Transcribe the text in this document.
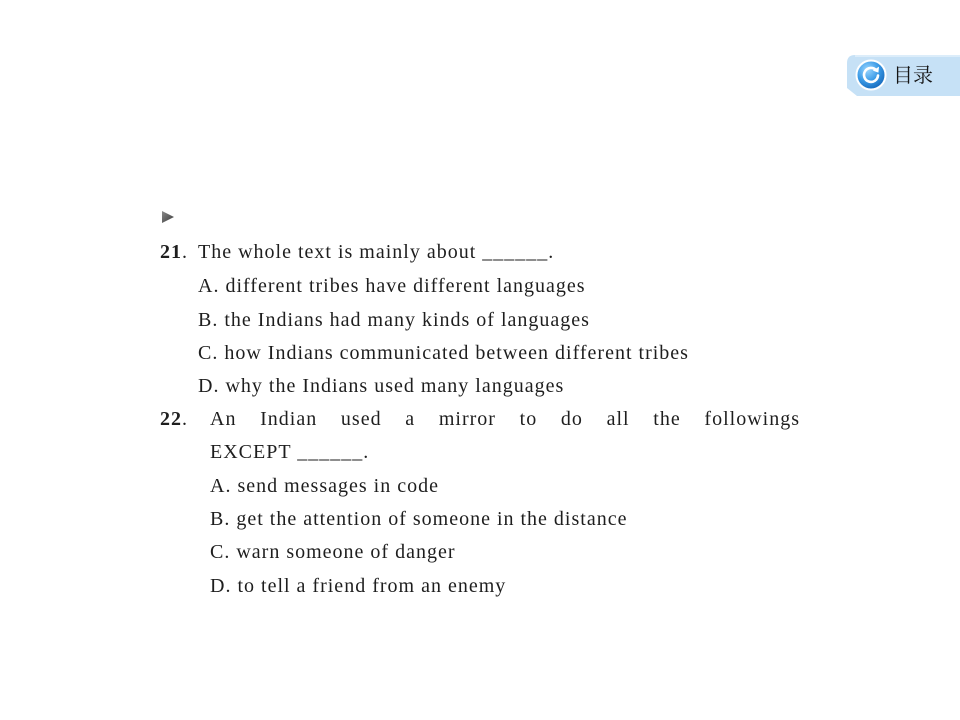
目录
21. The whole text is mainly about ______.
A. different tribes have different languages
B. the Indians had many kinds of languages
C. how Indians communicated between different tribes
D. why the Indians used many languages
22. An Indian used a mirror to do all the followings
EXCEPT ______.
A. send messages in code
B. get the attention of someone in the distance
C. warn someone of danger
D. to tell a friend from an enemy
